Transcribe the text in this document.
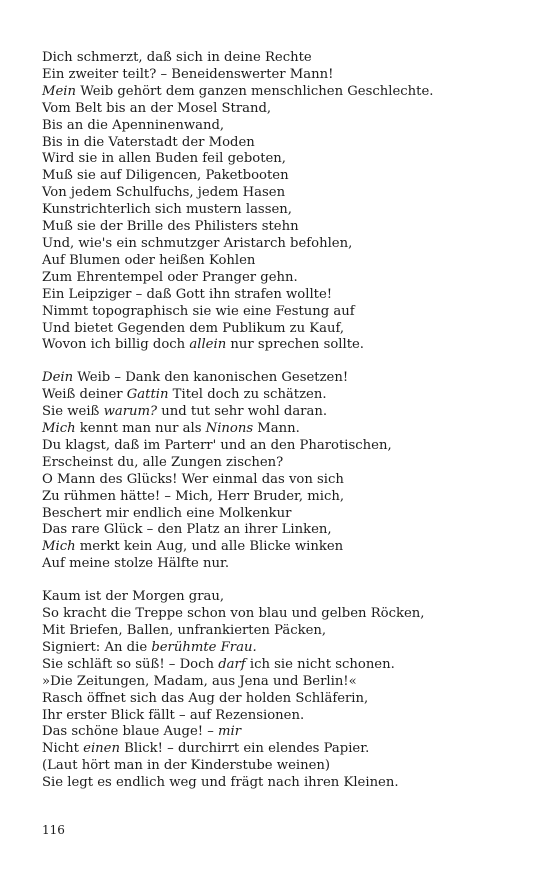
Dich schmerzt, daß sich in deine Rechte
Ein zweiter teilt? – Beneidenswerter Mann!
Mein Weib gehört dem ganzen menschlichen Geschlechte.
Vom Belt bis an der Mosel Strand,
Bis an die Apenninenwand,
Bis in die Vaterstadt der Moden
Wird sie in allen Buden feil geboten,
Muß sie auf Diligencen, Paketbooten
Von jedem Schulfuchs, jedem Hasen
Kunstrichterlich sich mustern lassen,
Muß sie der Brille des Philisters stehn
Und, wie's ein schmutzger Aristarch befohlen,
Auf Blumen oder heißen Kohlen
Zum Ehrentempel oder Pranger gehn.
Ein Leipziger – daß Gott ihn strafen wollte!
Nimmt topographisch sie wie eine Festung auf
Und bietet Gegenden dem Publikum zu Kauf,
Wovon ich billig doch allein nur sprechen sollte.
Dein Weib – Dank den kanonischen Gesetzen!
Weiß deiner Gattin Titel doch zu schätzen.
Sie weiß warum? und tut sehr wohl daran.
Mich kennt man nur als Ninons Mann.
Du klagst, daß im Parterr' und an den Pharotischen,
Erscheinst du, alle Zungen zischen?
O Mann des Glücks! Wer einmal das von sich
Zu rühmen hätte! – Mich, Herr Bruder, mich,
Beschert mir endlich eine Molkenkur
Das rare Glück – den Platz an ihrer Linken,
Mich merkt kein Aug, und alle Blicke winken
Auf meine stolze Hälfte nur.
Kaum ist der Morgen grau,
So kracht die Treppe schon von blau und gelben Röcken,
Mit Briefen, Ballen, unfrankierten Päcken,
Signiert: An die berühmte Frau.
Sie schläft so süß! – Doch darf ich sie nicht schonen.
»Die Zeitungen, Madam, aus Jena und Berlin!«
Rasch öffnet sich das Aug der holden Schläferin,
Ihr erster Blick fällt – auf Rezensionen.
Das schöne blaue Auge! – mir
Nicht einen Blick! – durchirrt ein elendes Papier.
(Laut hört man in der Kinderstube weinen)
Sie legt es endlich weg und frägt nach ihren Kleinen.
116
